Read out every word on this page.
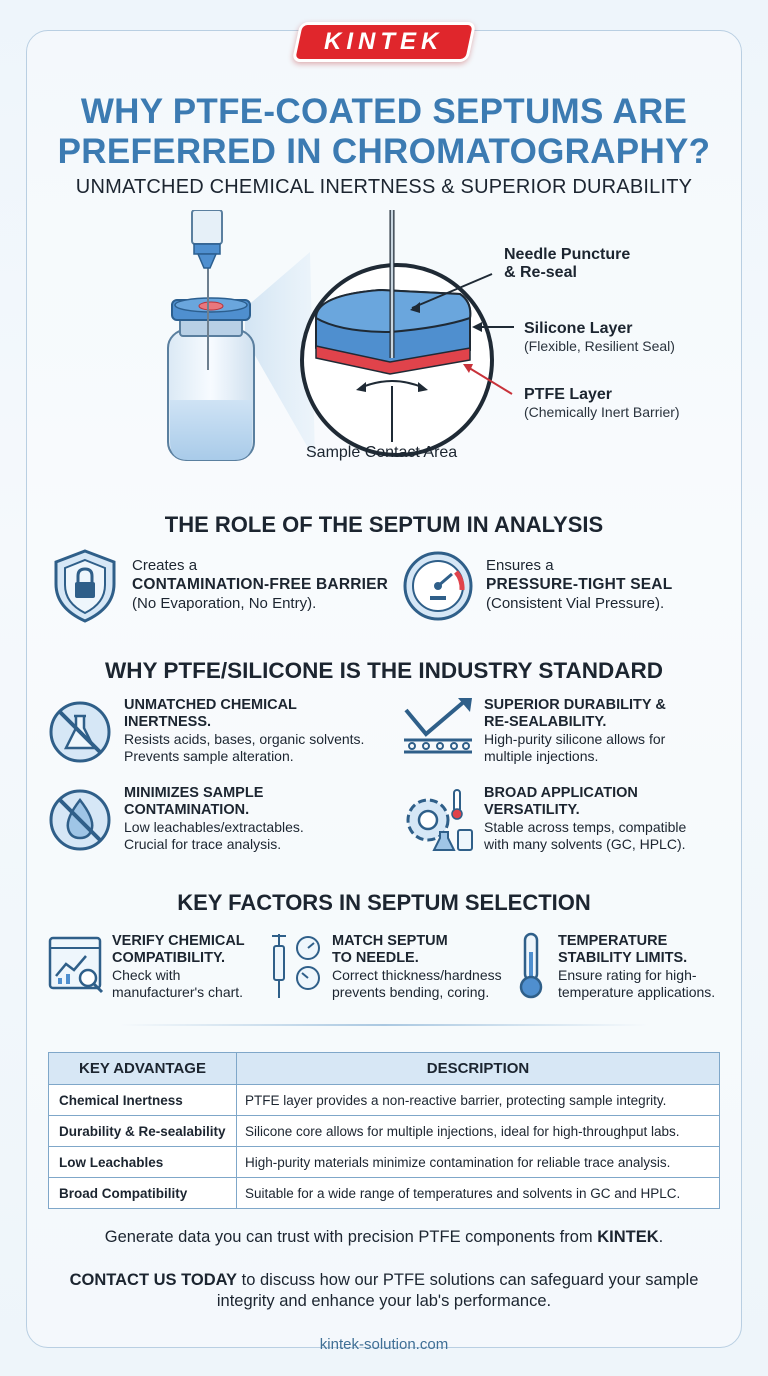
KINTEK
WHY PTFE-COATED SEPTUMS ARE PREFERRED IN CHROMATOGRAPHY?
UNMATCHED CHEMICAL INERTNESS & SUPERIOR DURABILITY
Needle Puncture
& Re-seal
Silicone Layer
(Flexible, Resilient Seal)
PTFE Layer
(Chemically Inert Barrier)
Sample Contact Area
THE ROLE OF THE SEPTUM IN ANALYSIS
Creates a
CONTAMINATION-FREE BARRIER
(No Evaporation, No Entry).
Ensures a
PRESSURE-TIGHT SEAL
(Consistent Vial Pressure).
WHY PTFE/SILICONE IS THE INDUSTRY STANDARD
UNMATCHED CHEMICAL
INERTNESS.
Resists acids, bases, organic solvents.
Prevents sample alteration.
SUPERIOR DURABILITY &
RE-SEALABILITY.
High-purity silicone allows for
multiple injections.
MINIMIZES SAMPLE
CONTAMINATION.
Low leachables/extractables.
Crucial for trace analysis.
BROAD APPLICATION
VERSATILITY.
Stable across temps, compatible
with many solvents (GC, HPLC).
KEY FACTORS IN SEPTUM SELECTION
VERIFY CHEMICAL
COMPATIBILITY.
Check with
manufacturer's chart.
MATCH SEPTUM
TO NEEDLE.
Correct thickness/hardness
prevents bending, coring.
TEMPERATURE
STABILITY LIMITS.
Ensure rating for high-
temperature applications.
KEY ADVANTAGE	DESCRIPTION
Chemical Inertness	PTFE layer provides a non-reactive barrier, protecting sample integrity.
Durability & Re-sealability	Silicone core allows for multiple injections, ideal for high-throughput labs.
Low Leachables	High-purity materials minimize contamination for reliable trace analysis.
Broad Compatibility	Suitable for a wide range of temperatures and solvents in GC and HPLC.
Generate data you can trust with precision PTFE components from KINTEK.
CONTACT US TODAY to discuss how our PTFE solutions can safeguard your sample integrity and enhance your lab's performance.
kintek-solution.com
